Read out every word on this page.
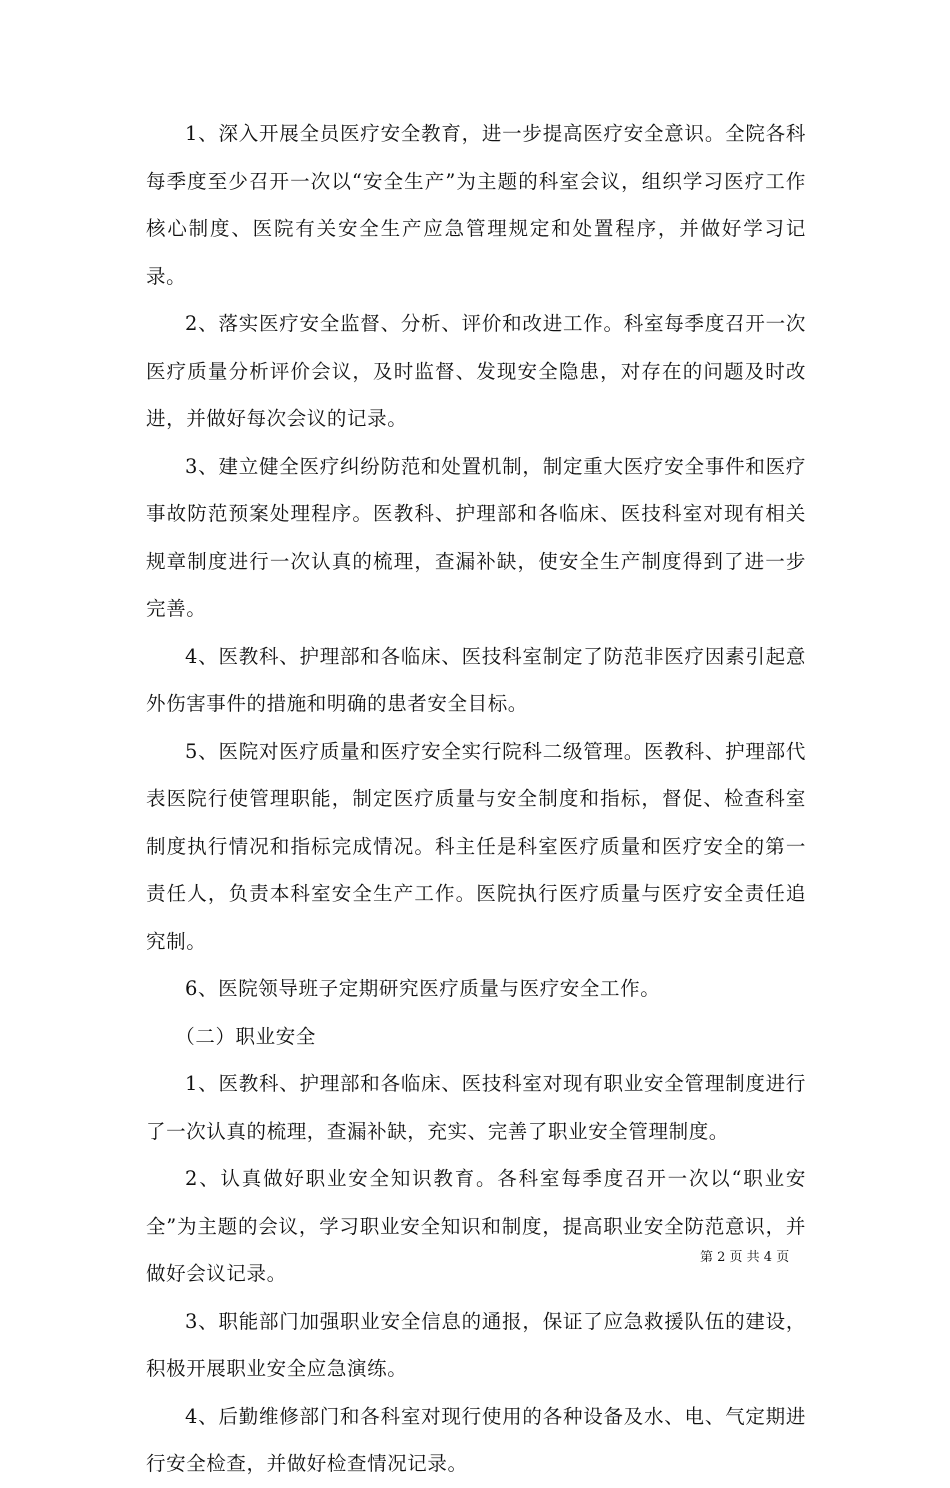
1、深入开展全员医疗安全教育，进一步提高医疗安全意识。全院各科每季度至少召开一次以“安全生产”为主题的科室会议，组织学习医疗工作核心制度、医院有关安全生产应急管理规定和处置程序，并做好学习记录。

2、落实医疗安全监督、分析、评价和改进工作。科室每季度召开一次医疗质量分析评价会议，及时监督、发现安全隐患，对存在的问题及时改进，并做好每次会议的记录。

3、建立健全医疗纠纷防范和处置机制，制定重大医疗安全事件和医疗事故防范预案处理程序。医教科、护理部和各临床、医技科室对现有相关规章制度进行一次认真的梳理，查漏补缺，使安全生产制度得到了进一步完善。

4、医教科、护理部和各临床、医技科室制定了防范非医疗因素引起意外伤害事件的措施和明确的患者安全目标。

5、医院对医疗质量和医疗安全实行院科二级管理。医教科、护理部代表医院行使管理职能，制定医疗质量与安全制度和指标，督促、检查科室制度执行情况和指标完成情况。科主任是科室医疗质量和医疗安全的第一责任人，负责本科室安全生产工作。医院执行医疗质量与医疗安全责任追究制。

6、医院领导班子定期研究医疗质量与医疗安全工作。

（二）职业安全

1、医教科、护理部和各临床、医技科室对现有职业安全管理制度进行了一次认真的梳理，查漏补缺，充实、完善了职业安全管理制度。

2、认真做好职业安全知识教育。各科室每季度召开一次以“职业安全”为主题的会议，学习职业安全知识和制度，提高职业安全防范意识，并做好会议记录。

3、职能部门加强职业安全信息的通报，保证了应急救援队伍的建设，积极开展职业安全应急演练。

4、后勤维修部门和各科室对现行使用的各种设备及水、电、气定期进行安全检查，并做好检查情况记录。

第 2 页 共 4 页
